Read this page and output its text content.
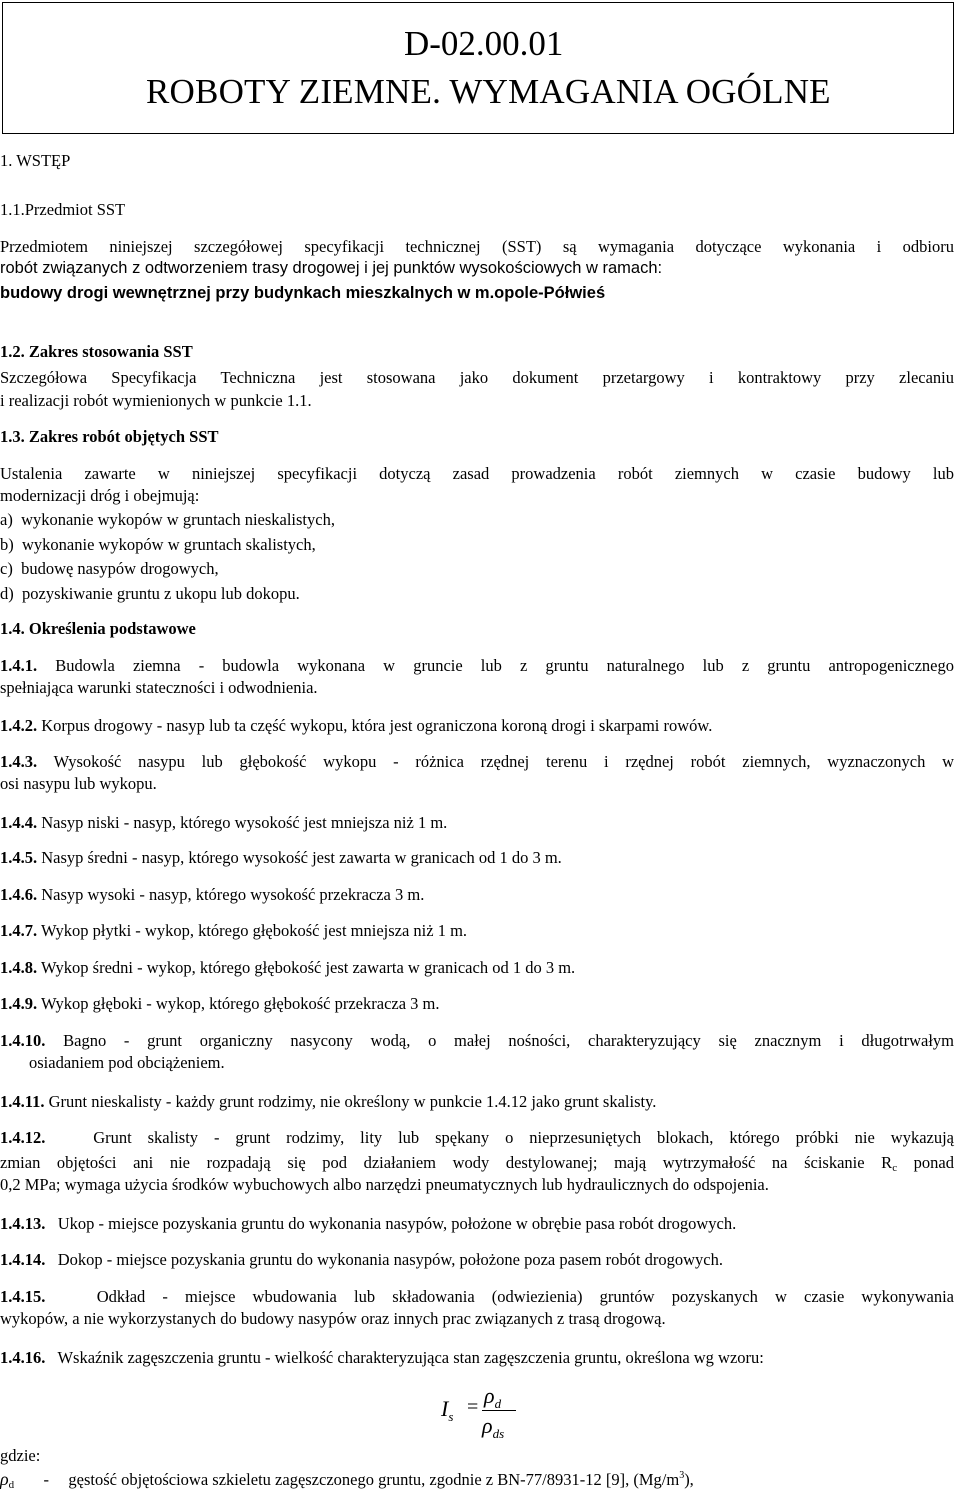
D-02.00.01
ROBOTY ZIEMNE. WYMAGANIA OGÓLNE
1. WSTĘP
1.1.Przedmiot SST
Przedmiotem niniejszej szczegółowej specyfikacji technicznej (SST) są wymagania dotyczące wykonania i odbioru
robót związanych z odtworzeniem trasy drogowej i jej punktów wysokościowych w ramach:
budowy drogi wewnętrznej przy budynkach mieszkalnych w m.opole-Półwieś
1.2. Zakres stosowania SST
Szczegółowa Specyfikacja Techniczna jest stosowana jako dokument przetargowy i kontraktowy przy zlecaniu
i realizacji robót wymienionych w punkcie 1.1.
1.3. Zakres robót objętych SST
Ustalenia zawarte w niniejszej specyfikacji dotyczą zasad prowadzenia robót ziemnych w czasie budowy lub
modernizacji dróg i obejmują:
a)  wykonanie wykopów w gruntach nieskalistych,
b)  wykonanie wykopów w gruntach skalistych,
c)  budowę nasypów drogowych,
d)  pozyskiwanie gruntu z ukopu lub dokopu.
1.4. Określenia podstawowe
1.4.1. Budowla ziemna - budowla wykonana w gruncie lub z gruntu naturalnego lub z gruntu antropogenicznego
spełniająca warunki stateczności i odwodnienia.
1.4.2. Korpus drogowy - nasyp lub ta część wykopu, która jest ograniczona koroną drogi i skarpami rowów.
1.4.3. Wysokość nasypu lub głębokość wykopu - różnica rzędnej terenu i rzędnej robót ziemnych, wyznaczonych w
osi nasypu lub wykopu.
1.4.4. Nasyp niski - nasyp, którego wysokość jest mniejsza niż 1 m.
1.4.5. Nasyp średni - nasyp, którego wysokość jest zawarta w granicach od 1 do 3 m.
1.4.6. Nasyp wysoki - nasyp, którego wysokość przekracza 3 m.
1.4.7. Wykop płytki - wykop, którego głębokość jest mniejsza niż 1 m.
1.4.8. Wykop średni - wykop, którego głębokość jest zawarta w granicach od 1 do 3 m.
1.4.9. Wykop głęboki - wykop, którego głębokość przekracza 3 m.
1.4.10. Bagno - grunt organiczny nasycony wodą, o małej nośności, charakteryzujący się znacznym i długotrwałym
osiadaniem pod obciążeniem.
1.4.11. Grunt nieskalisty - każdy grunt rodzimy, nie określony w punkcie 1.4.12 jako grunt skalisty.
1.4.12.	Grunt skalisty - grunt rodzimy, lity lub spękany o nieprzesuniętych blokach, którego próbki nie wykazują
zmian objętości ani nie rozpadają się pod działaniem wody destylowanej; mają wytrzymałość na ściskanie $R_c$ ponad
0,2 MPa; wymaga użycia środków wybuchowych albo narzędzi pneumatycznych lub hydraulicznych do odspojenia.
1.4.13. Ukop - miejsce pozyskania gruntu do wykonania nasypów, położone w obrębie pasa robót drogowych.
1.4.14. Dokop - miejsce pozyskania gruntu do wykonania nasypów, położone poza pasem robót drogowych.
1.4.15.	Odkład - miejsce wbudowania lub składowania (odwiezienia) gruntów pozyskanych w czasie wykonywania
wykopów, a nie wykorzystanych do budowy nasypów oraz innych prac związanych z trasą drogową.
1.4.16. Wskaźnik zagęszczenia gruntu - wielkość charakteryzująca stan zagęszczenia gruntu, określona wg wzoru:
$I_s = \rho_d$
$\rho_{ds}$
gdzie:
$\rho_d$ - gęstość objętościowa szkieletu zagęszczonego gruntu, zgodnie z BN-77/8931-12 [9], $(Mg/m^3)$,
